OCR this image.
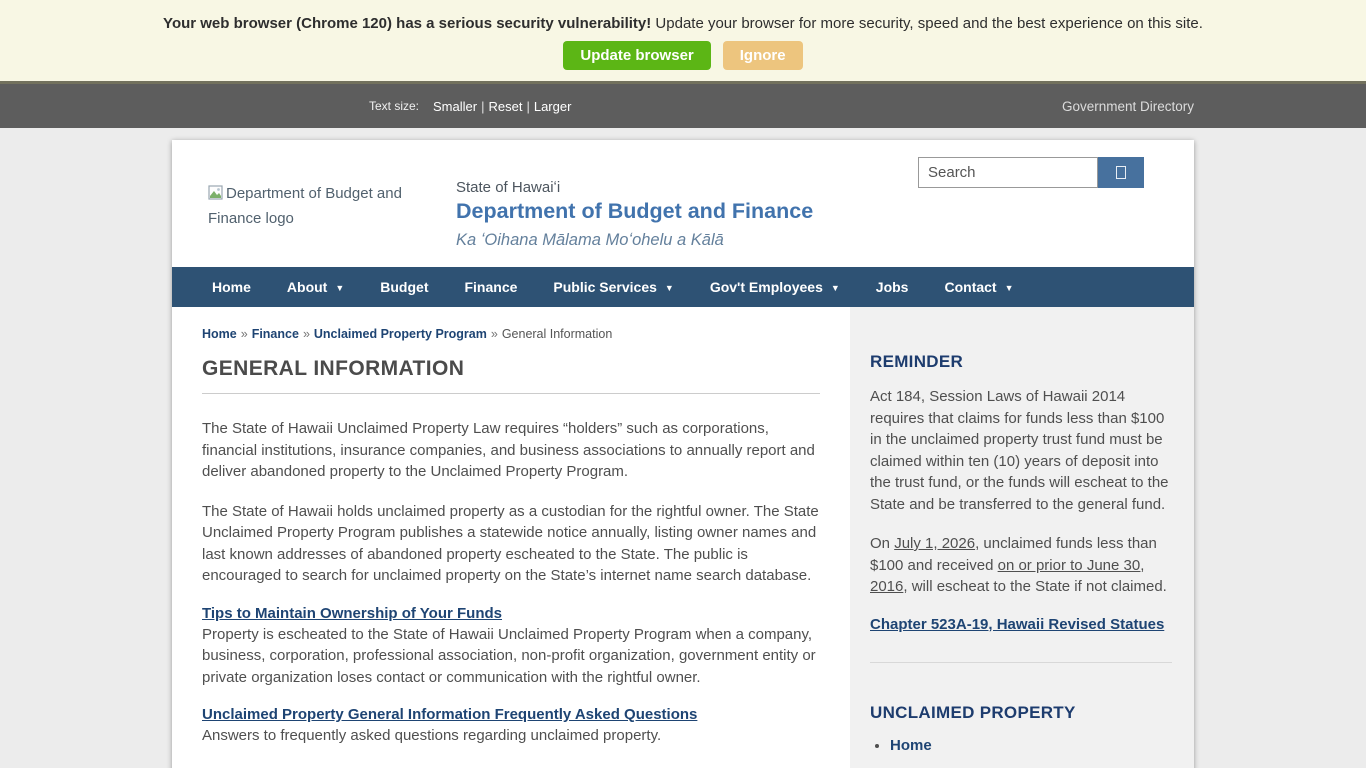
Your web browser (Chrome 120) has a serious security vulnerability! Update your browser for more security, speed and the best experience on this site.
Update browser	Ignore
Text size: Smaller | Reset | Larger	Government Directory
Department of Budget and Finance logo
State of Hawaiʻi
Department of Budget and Finance
Ka ʻOihana Mālama Moʻohelu a Kālā
Search
Home	About ▼	Budget	Finance	Public Services ▼	Gov't Employees ▼	Jobs	Contact ▼
Home » Finance » Unclaimed Property Program » General Information
GENERAL INFORMATION

The State of Hawaii Unclaimed Property Law requires “holders” such as corporations, financial institutions, insurance companies, and business associations to annually report and deliver abandoned property to the Unclaimed Property Program.

The State of Hawaii holds unclaimed property as a custodian for the rightful owner. The State Unclaimed Property Program publishes a statewide notice annually, listing owner names and last known addresses of abandoned property escheated to the State. The public is encouraged to search for unclaimed property on the State’s internet name search database.

Tips to Maintain Ownership of Your Funds

Property is escheated to the State of Hawaii Unclaimed Property Program when a company, business, corporation, professional association, non-profit organization, government entity or private organization loses contact or communication with the rightful owner.

Unclaimed Property General Information Frequently Asked Questions

Answers to frequently asked questions regarding unclaimed property.

REMINDER

Act 184, Session Laws of Hawaii 2014 requires that claims for funds less than $100 in the unclaimed property trust fund must be claimed within ten (10) years of deposit into the trust fund, or the funds will escheat to the State and be transferred to the general fund.

On July 1, 2026, unclaimed funds less than $100 and received on or prior to June 30, 2016, will escheat to the State if not claimed.

Chapter 523A-19, Hawaii Revised Statues
UNCLAIMED PROPERTY
• Home
